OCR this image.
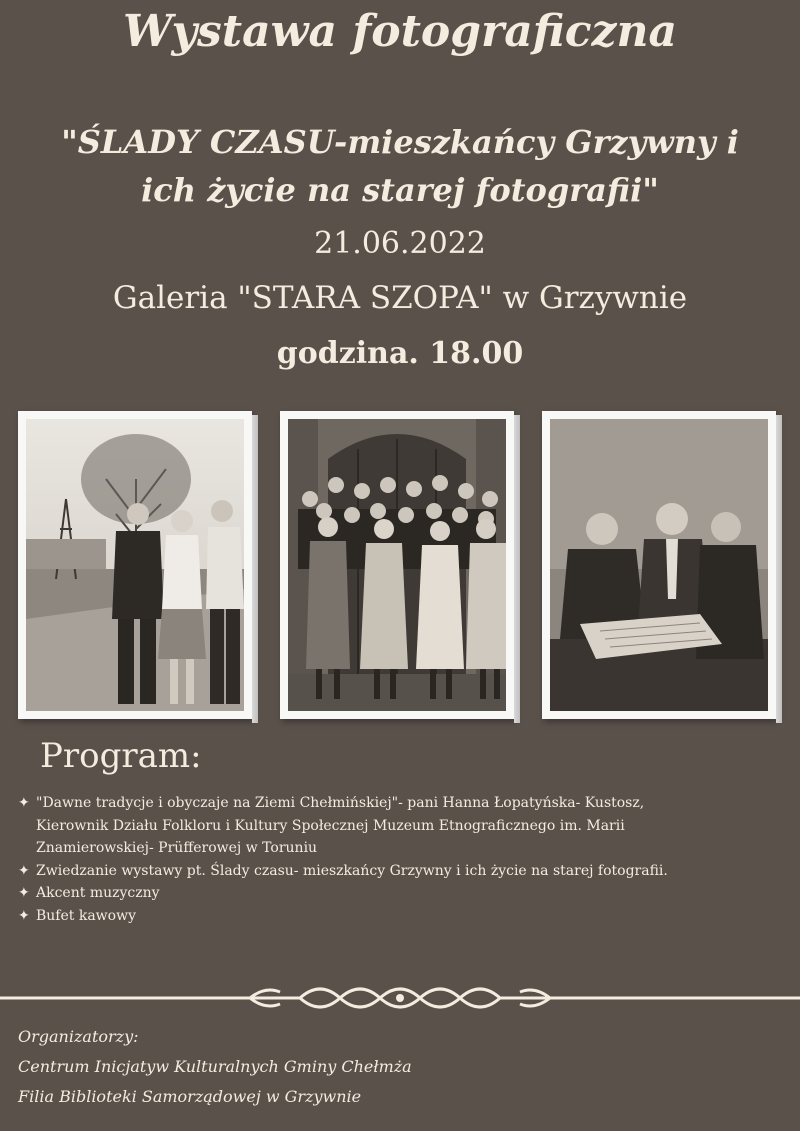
Wystawa fotograficzna
"ŚLADY CZASU-mieszkańcy Grzywny i
ich życie na starej fotografii"
21.06.2022
Galeria "STARA SZOPA" w Grzywnie
godzina. 18.00
Program:
✦ "Dawne tradycje i obyczaje na Ziemi Chełmińskiej"- pani Hanna Łopatyńska- Kustosz,
Kierownik Działu Folkloru i Kultury Społecznej Muzeum Etnograficznego im. Marii
Znamierowskiej- Prüfferowej w Toruniu
✦ Zwiedzanie wystawy pt. Ślady czasu- mieszkańcy Grzywny i ich życie na starej fotografii.
✦ Akcent muzyczny
✦ Bufet kawowy
Organizatorzy:
Centrum Inicjatyw Kulturalnych Gminy Chełmża
Filia Biblioteki Samorządowej w Grzywnie
